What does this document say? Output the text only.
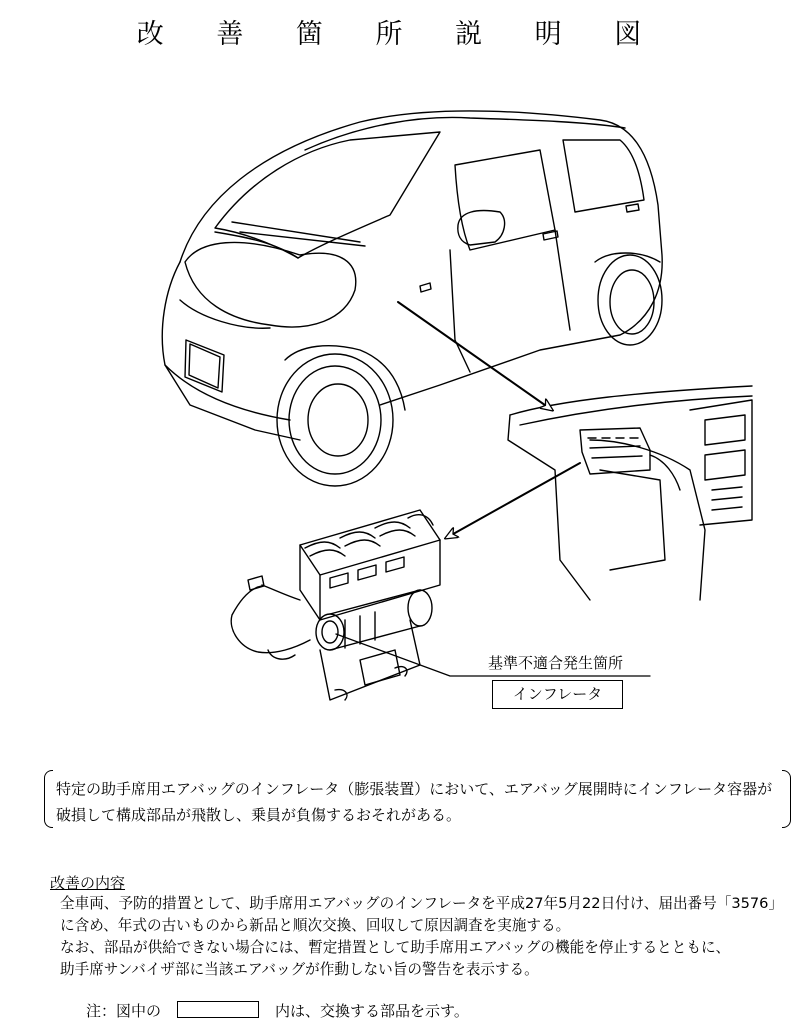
改 善 箇 所 説 明 図
基準不適合発生箇所
インフレータ
特定の助手席用エアバッグのインフレータ（膨張装置）において、エアバッグ展開時にインフレータ容器が破損して構成部品が飛散し、乗員が負傷するおそれがある。
改善の内容

全車両、予防的措置として、助手席用エアバッグのインフレータを平成27年5月22日付け、届出番号「3576」

に含め、年式の古いものから新品と順次交換、回収して原因調査を実施する。

なお、部品が供給できない場合には、暫定措置として助手席用エアバッグの機能を停止するとともに、

助手席サンバイザ部に当該エアバッグが作動しない旨の警告を表示する。

注：図中の	内は、交換する部品を示す。
